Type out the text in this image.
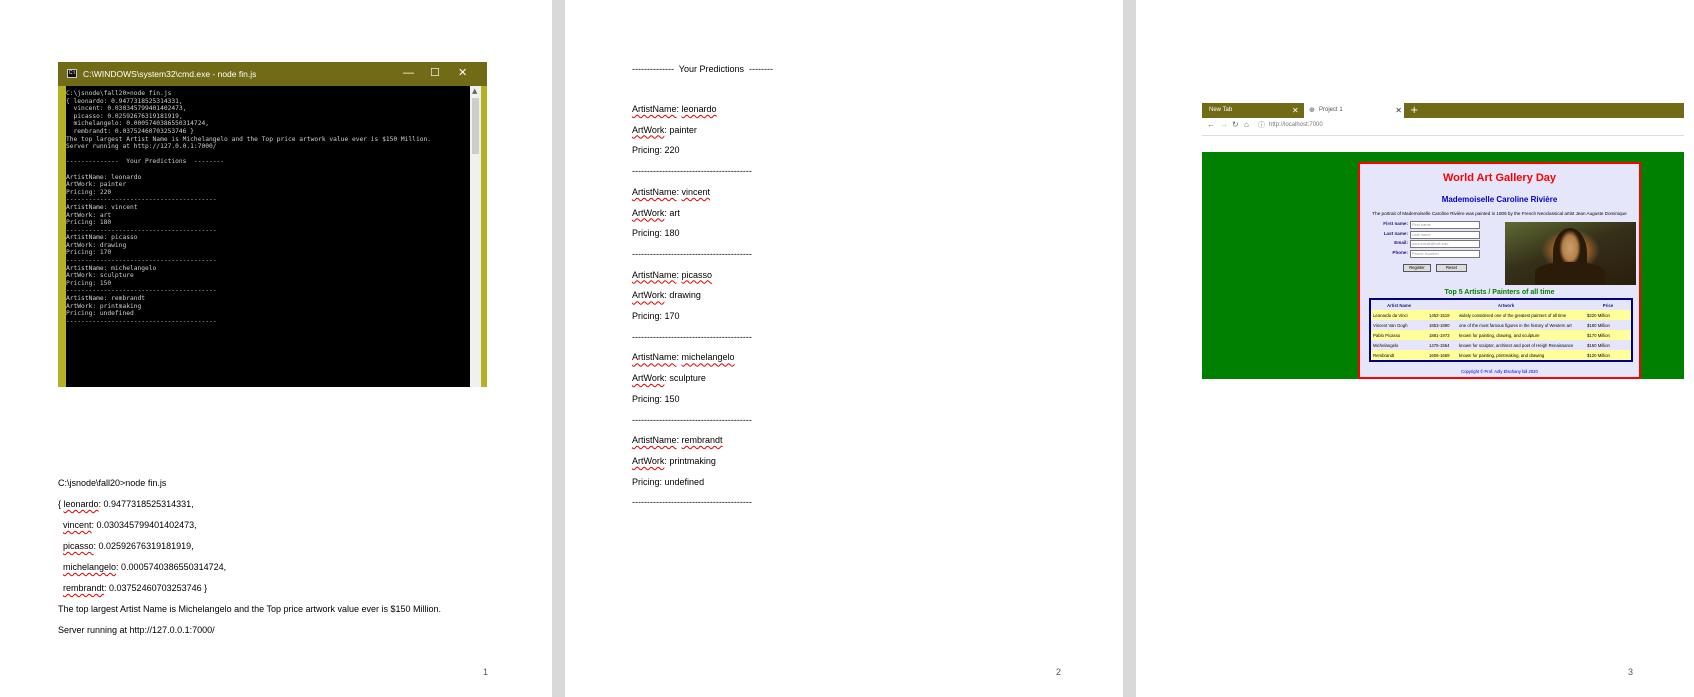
C:\ C:\WINDOWS\system32\cmd.exe - node fin.js	— ☐ ✕
C:\jsnode\fall20>node fin.js
{ leonardo: 0.9477318525314331,
vincent: 0.030345799401402473,
picasso: 0.02592676319181919,
michelangelo: 0.0005740386550314724,
rembrandt: 0.03752460703253746 }
The top largest Artist Name is Michelangelo and the Top price artwork value ever is $150 Million.
Server running at http://127.0.0.1:7000/

--------------  Your Predictions  --------

ArtistName: leonardo
ArtWork: painter
Pricing: 220
----------------------------------------
ArtistName: vincent
ArtWork: art
Pricing: 180
----------------------------------------
ArtistName: picasso
ArtWork: drawing
Pricing: 170
----------------------------------------
ArtistName: michelangelo
ArtWork: sculpture
Pricing: 150
----------------------------------------
ArtistName: rembrandt
ArtWork: printmaking
Pricing: undefined
----------------------------------------
▲
C:\jsnode\fall20>node fin.js
{ leonardo: 0.9477318525314331,
vincent: 0.030345799401402473,
picasso: 0.02592676319181919,
michelangelo: 0.0005740386550314724,
rembrandt: 0.03752460703253746 }
The top largest Artist Name is Michelangelo and the Top price artwork value ever is $150 Million.
Server running at http://127.0.0.1:7000/
1
--------------  Your Predictions  --------
ArtistName: leonardo
ArtWork: painter
Pricing: 220
----------------------------------------
ArtistName: vincent
ArtWork: art
Pricing: 180
----------------------------------------
ArtistName: picasso
ArtWork: drawing
Pricing: 170
----------------------------------------
ArtistName: michelangelo
ArtWork: sculpture
Pricing: 150
----------------------------------------
ArtistName: rembrandt
ArtWork: printmaking
Pricing: undefined
----------------------------------------
2
New Tab	✕	⊕ Project 1	✕ +
← → ↻ ⌂ ⓘ http://localhost:7000
World Art Gallery Day
Mademoiselle Caroline Rivière
The portrait of Mademoiselle Caroline Rivière was painted in 1806 by the French Neoclassical artist Jean Auguste Dominique
First name:	First name
Last name:	Last name
Email:	your.email@bcit.edu
Phone:	Phone Number
Register	Reset
Top 5 Artists / Painters of all time
Artist Name	Artwork		Price
Leonardo da Vinci	1452-1519	widely considered one of the greatest painters of all time	$220 Million
Vincent Van Gogh	1853-1890	one of the most famous figures in the history of Western art	$180 Million
Pablo Picasso	1881-1973	known for painting, drawing, and sculpture	$170 Million
Michelangelo	1475-1564	known for sculptor, architect and poet of Heigh Renaissance	$150 Million
Rembrandt	1606-1669	known for painting, printmaking, and drawing	$120 Million
Copyright © Prof. Adly Elsohany fall 2020
3
